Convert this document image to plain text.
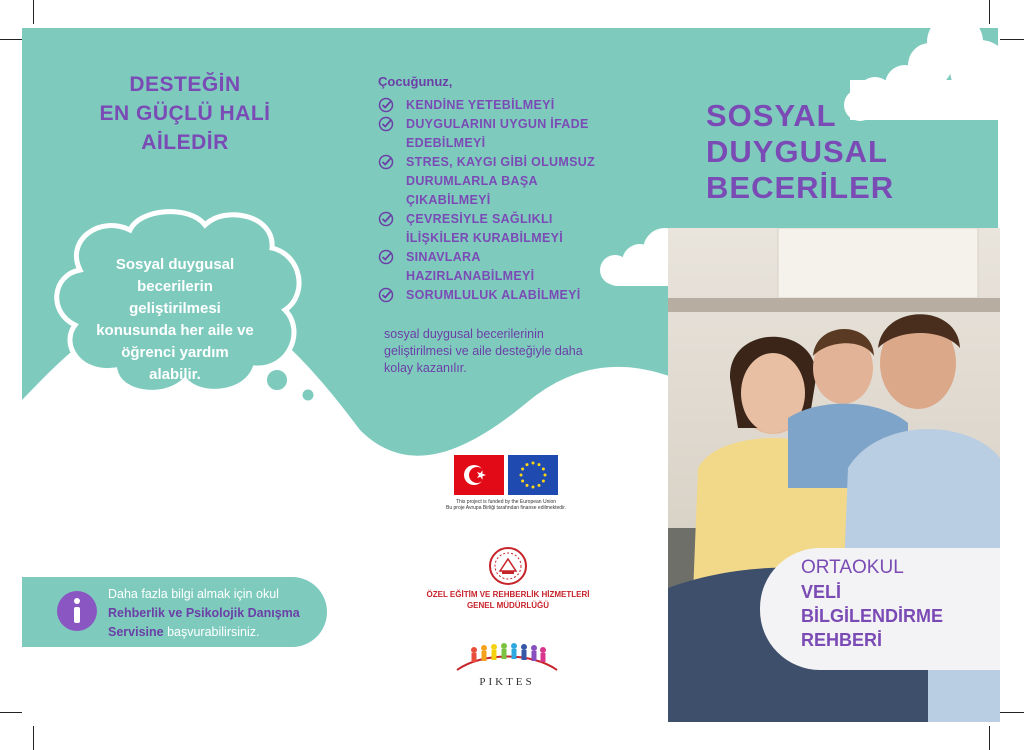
DESTEĞİN
EN GÜÇLÜ HALİ
AİLEDİR
Sosyal duygusal
becerilerin
geliştirilmesi
konusunda her aile ve
öğrenci yardım
alabilir.
Daha fazla bilgi almak için okul
Rehberlik ve Psikolojik Danışma
Servisine başvurabilirsiniz.
Çocuğunuz,
KENDİNE YETEBİLMEYİ
DUYGULARINI UYGUN İFADE
EDEBİLMEYİ
STRES, KAYGI GİBİ OLUMSUZ
DURUMLARLA BAŞA
ÇIKABİLMEYİ
ÇEVRESİYLE SAĞLIKLI
İLİŞKİLER KURABİLMEYİ
SINAVLARA
HAZIRLANABİLMEYİ
SORUMLULUK ALABİLMEYİ
sosyal duygusal becerilerinin
geliştirilmesi ve aile desteğiyle daha
kolay kazanılır.
This project is funded by the European Union
Bu proje Avrupa Birliği tarafından finanse edilmektedir.
ÖZEL EĞİTİM VE REHBERLİK HİZMETLERİ
GENEL MÜDÜRLÜĞÜ
PIKTES
SOSYAL
DUYGUSAL
BECERİLER
ORTAOKUL
VELİ
BİLGİLENDİRME
REHBERİ
